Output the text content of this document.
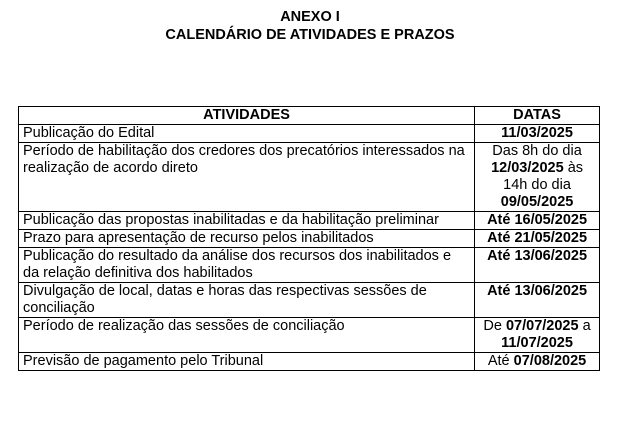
ANEXO I
CALENDÁRIO DE ATIVIDADES E PRAZOS
ATIVIDADES	DATAS
Publicação do Edital	11/03/2025
Período de habilitação dos credores dos precatórios interessados na realização de acordo direto	Das 8h do dia 12/03/2025 às 14h do dia 09/05/2025
Publicação das propostas inabilitadas e da habilitação preliminar	Até 16/05/2025
Prazo para apresentação de recurso pelos inabilitados	Até 21/05/2025
Publicação do resultado da análise dos recursos dos inabilitados e da relação definitiva dos habilitados	Até 13/06/2025
Divulgação de local, datas e horas das respectivas sessões de conciliação	Até 13/06/2025
Período de realização das sessões de conciliação	De 07/07/2025 a 11/07/2025
Previsão de pagamento pelo Tribunal	Até 07/08/2025
